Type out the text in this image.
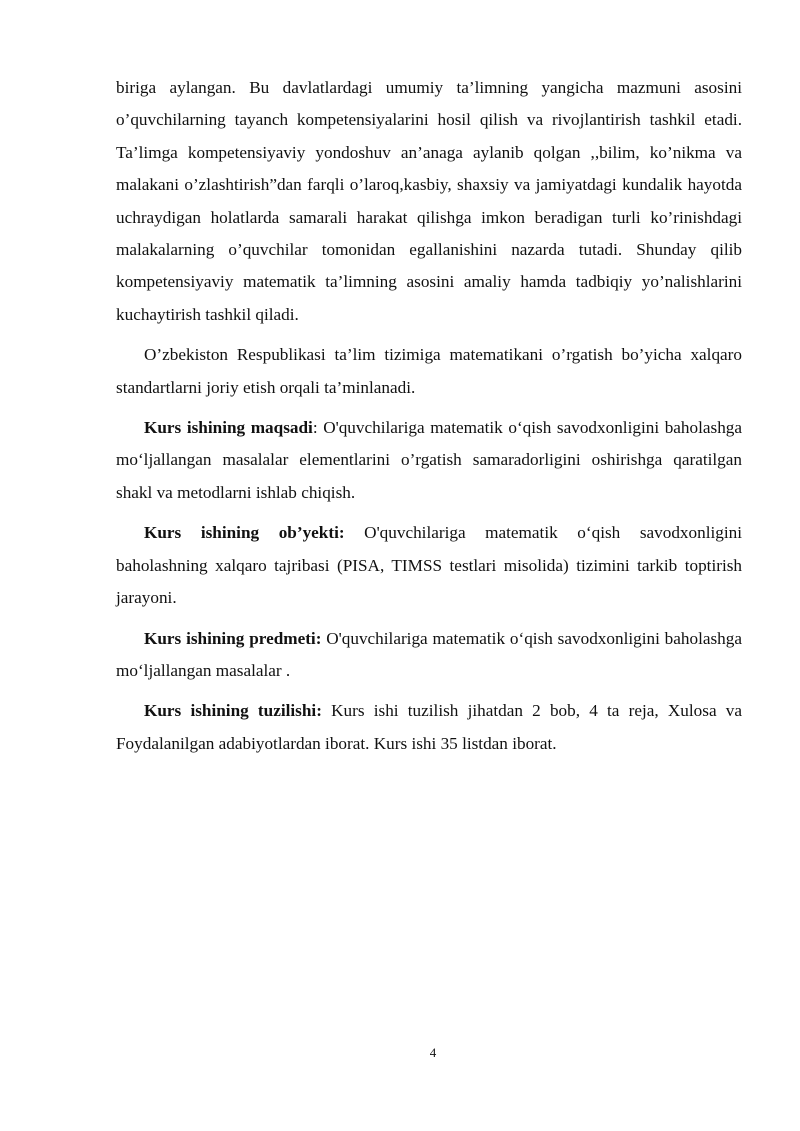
biriga aylangan. Bu davlatlardagi umumiy ta’limning yangicha mazmuni asosini o’quvchilarning tayanch kompetensiyalarini hosil qilish va rivojlantirish tashkil etadi. Ta’limga kompetensiyaviy yondoshuv an’anaga aylanib qolgan ,,bilim, ko’nikma va malakani o’zlashtirish”dan farqli o’laroq,kasbiy, shaxsiy va jamiyatdagi kundalik hayotda uchraydigan holatlarda samarali harakat qilishga imkon beradigan turli ko’rinishdagi malakalarning o’quvchilar tomonidan egallanishini nazarda tutadi. Shunday qilib kompetensiyaviy matematik ta’limning asosini amaliy hamda tadbiqiy yo’nalishlarini kuchaytirish tashkil qiladi.

O’zbekiston Respublikasi ta’lim tizimiga matematikani o’rgatish bo’yicha xalqaro standartlarni joriy etish orqali ta’minlanadi.

Kurs ishining maqsadi: O'quvchilariga matematik o‘qish savodxonligini baholashga mo‘ljallangan masalalar elementlarini o’rgatish samaradorligini oshirishga qaratilgan shakl va metodlarni ishlab chiqish.

Kurs ishining ob’yekti: O'quvchilariga matematik o‘qish savodxonligini baholashning xalqaro tajribasi (PISA, TIMSS testlari misolida) tizimini tarkib toptirish jarayoni.

Kurs ishining predmeti: O'quvchilariga matematik o‘qish savodxonligini baholashga mo‘ljallangan masalalar .

Kurs ishining tuzilishi: Kurs ishi tuzilish jihatdan 2 bob, 4 ta reja, Xulosa va Foydalanilgan adabiyotlardan iborat. Kurs ishi 35 listdan iborat.

4
